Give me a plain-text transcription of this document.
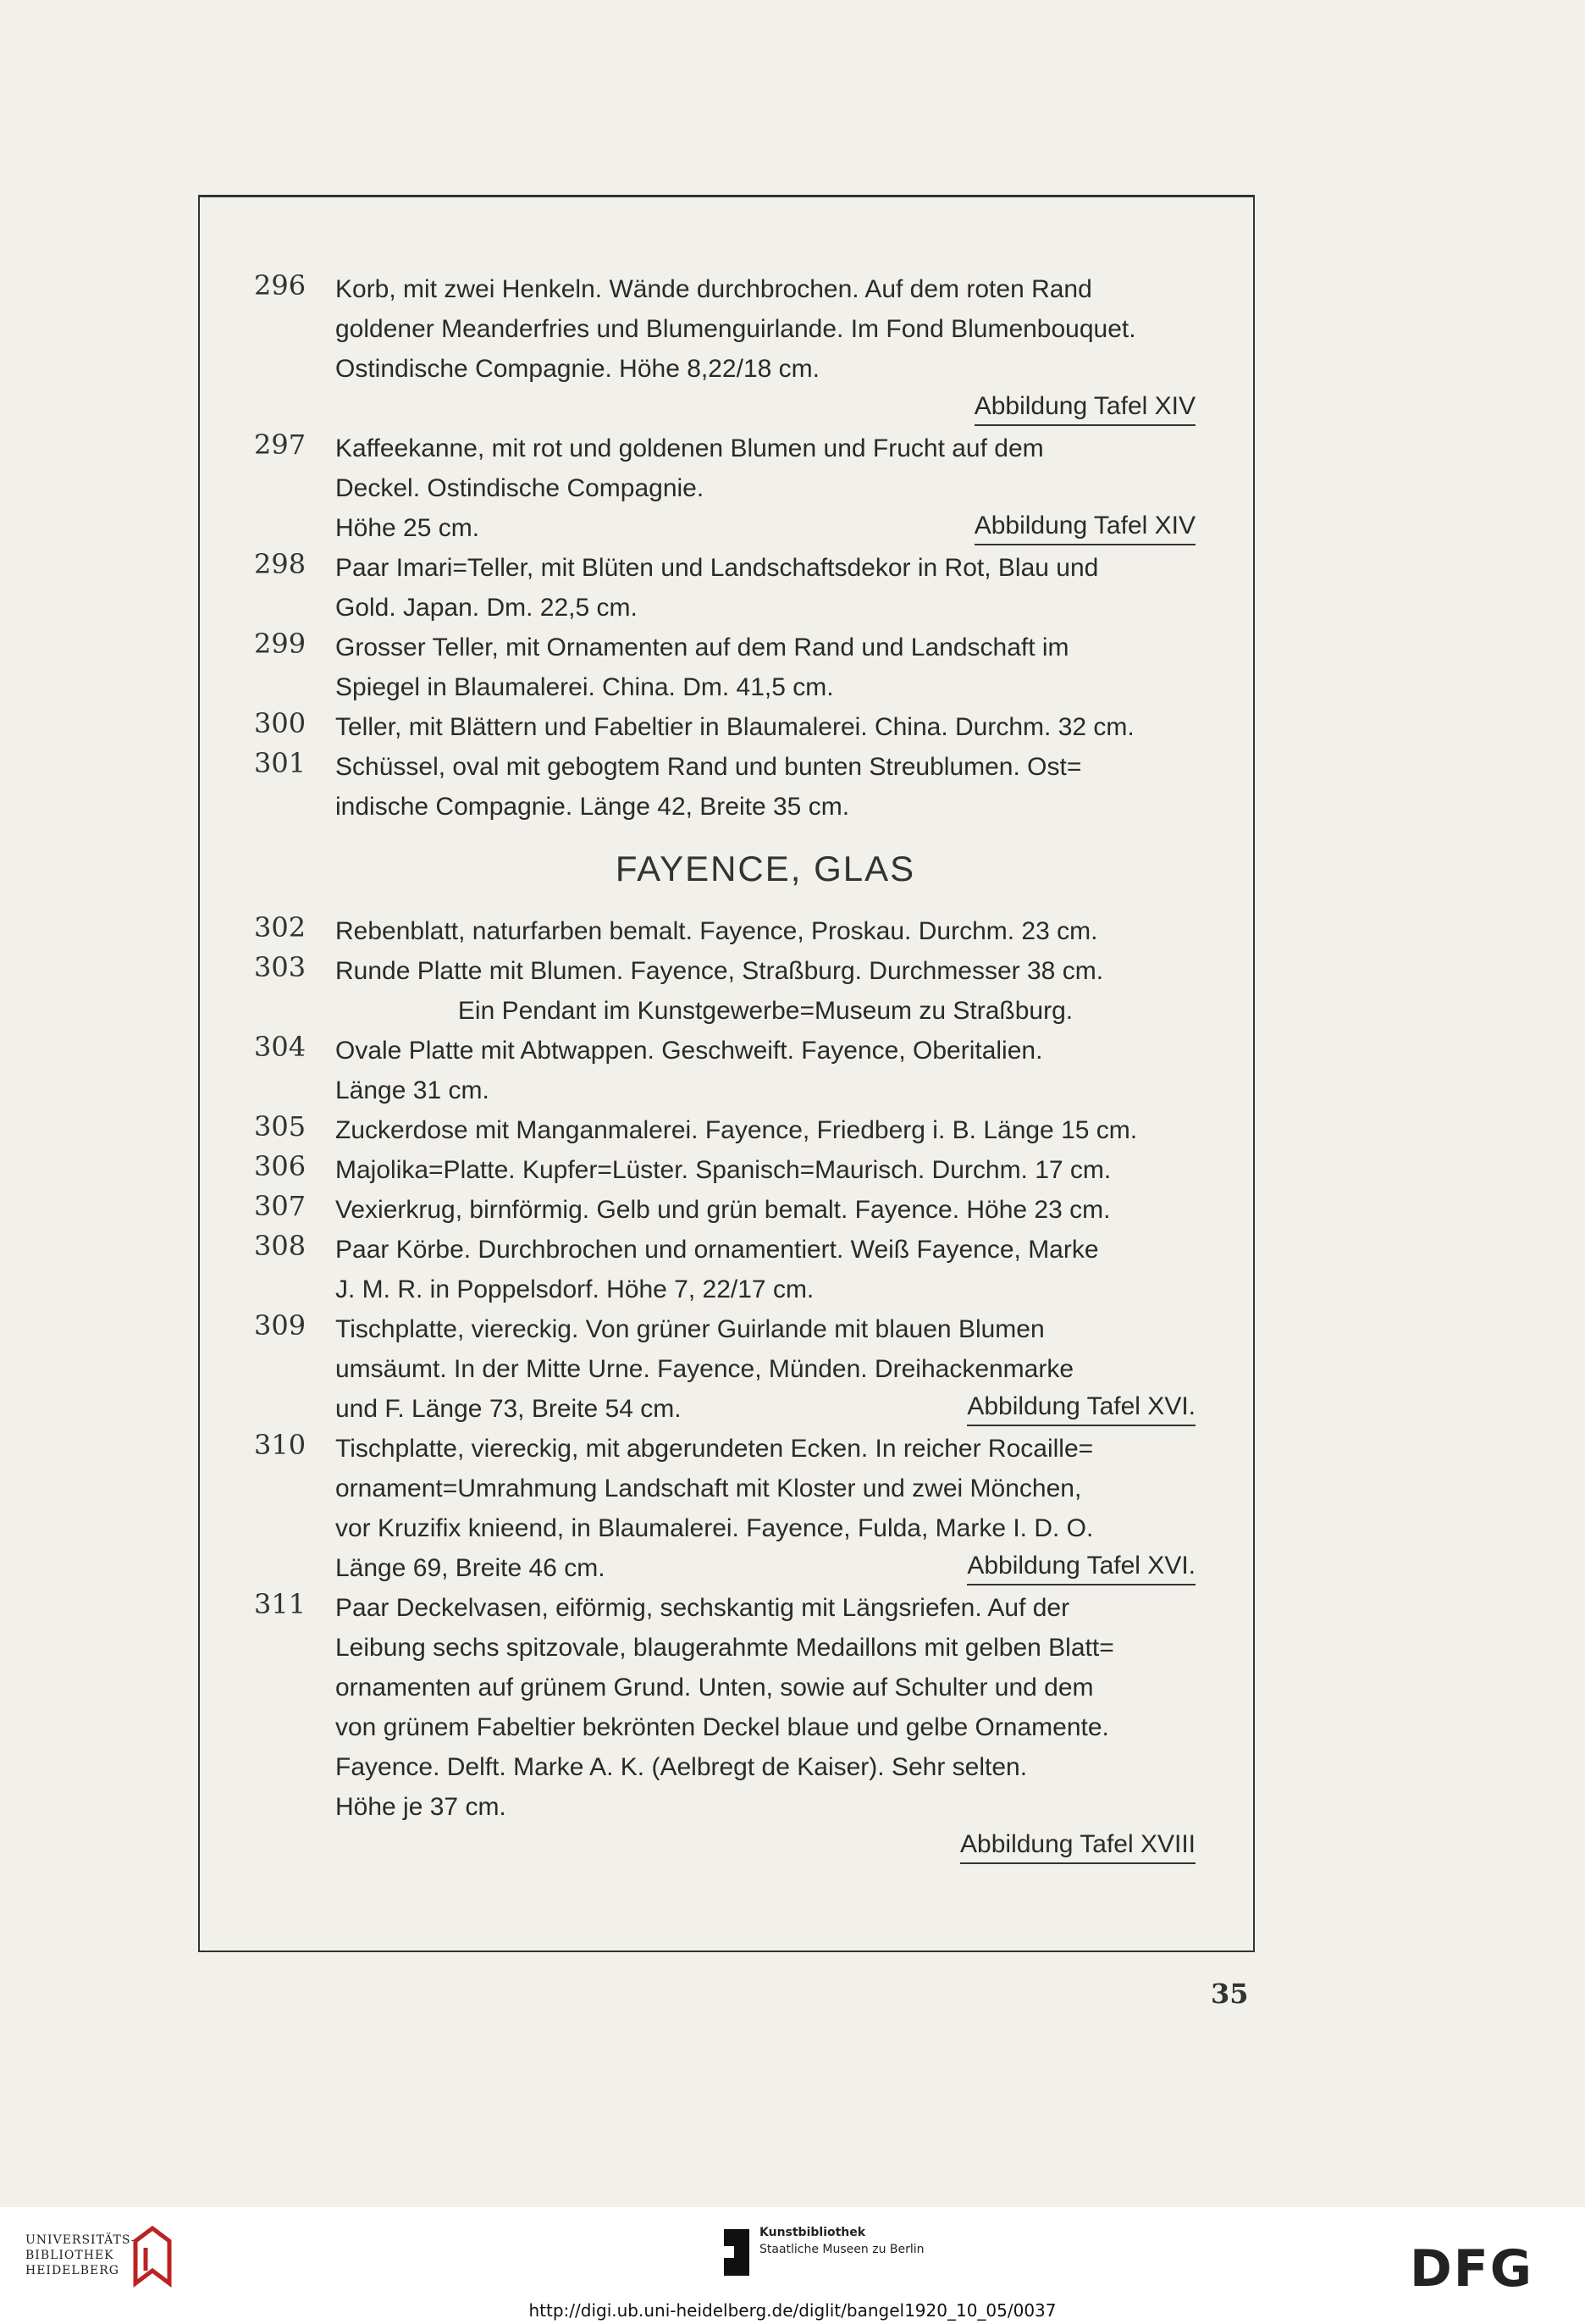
296 Korb, mit zwei Henkeln. Wände durchbrochen. Auf dem roten Rand
goldener Meanderfries und Blumenguirlande. Im Fond Blumenbouquet.
Ostindische Compagnie. Höhe 8,22/18 cm.
Abbildung Tafel XIV
297 Kaffeekanne, mit rot und goldenen Blumen und Frucht auf dem
Deckel. Ostindische Compagnie.
Höhe 25 cm.	Abbildung Tafel XIV
298 Paar Imari=Teller, mit Blüten und Landschaftsdekor in Rot, Blau und
Gold. Japan. Dm. 22,5 cm.
299 Grosser Teller, mit Ornamenten auf dem Rand und Landschaft im
Spiegel in Blaumalerei. China. Dm. 41,5 cm.
300 Teller, mit Blättern und Fabeltier in Blaumalerei. China. Durchm. 32 cm.
301 Schüssel, oval mit gebogtem Rand und bunten Streublumen. Ost=
indische Compagnie. Länge 42, Breite 35 cm.
FAYENCE, GLAS
302 Rebenblatt, naturfarben bemalt. Fayence, Proskau. Durchm. 23 cm.
303 Runde Platte mit Blumen. Fayence, Straßburg. Durchmesser 38 cm.
Ein Pendant im Kunstgewerbe=Museum zu Straßburg.
304 Ovale Platte mit Abtwappen. Geschweift. Fayence, Oberitalien.
Länge 31 cm.
305 Zuckerdose mit Manganmalerei. Fayence, Friedberg i. B. Länge 15 cm.
306 Majolika=Platte. Kupfer=Lüster. Spanisch=Maurisch. Durchm. 17 cm.
307 Vexierkrug, birnförmig. Gelb und grün bemalt. Fayence. Höhe 23 cm.
308 Paar Körbe. Durchbrochen und ornamentiert. Weiß Fayence, Marke
J. M. R. in Poppelsdorf. Höhe 7, 22/17 cm.
309 Tischplatte, viereckig. Von grüner Guirlande mit blauen Blumen
umsäumt. In der Mitte Urne. Fayence, Münden. Dreihackenmarke
und F. Länge 73, Breite 54 cm.	Abbildung Tafel XVI.
310 Tischplatte, viereckig, mit abgerundeten Ecken. In reicher Rocaille=
ornament=Umrahmung Landschaft mit Kloster und zwei Mönchen,
vor Kruzifix knieend, in Blaumalerei. Fayence, Fulda, Marke I. D. O.
Länge 69, Breite 46 cm.	Abbildung Tafel XVI.
311 Paar Deckelvasen, eiförmig, sechskantig mit Längsriefen. Auf der
Leibung sechs spitzovale, blaugerahmte Medaillons mit gelben Blatt=
ornamenten auf grünem Grund. Unten, sowie auf Schulter und dem
von grünem Fabeltier bekrönten Deckel blaue und gelbe Ornamente.
Fayence. Delft. Marke A. K. (Aelbregt de Kaiser). Sehr selten.
Höhe je 37 cm.
Abbildung Tafel XVIII
35
UNIVERSITÄTS-
BIBLIOTHEK
HEIDELBERG
Kunstbibliothek
Staatliche Museen zu Berlin	DFG
http://digi.ub.uni-heidelberg.de/diglit/bangel1920_10_05/0037
